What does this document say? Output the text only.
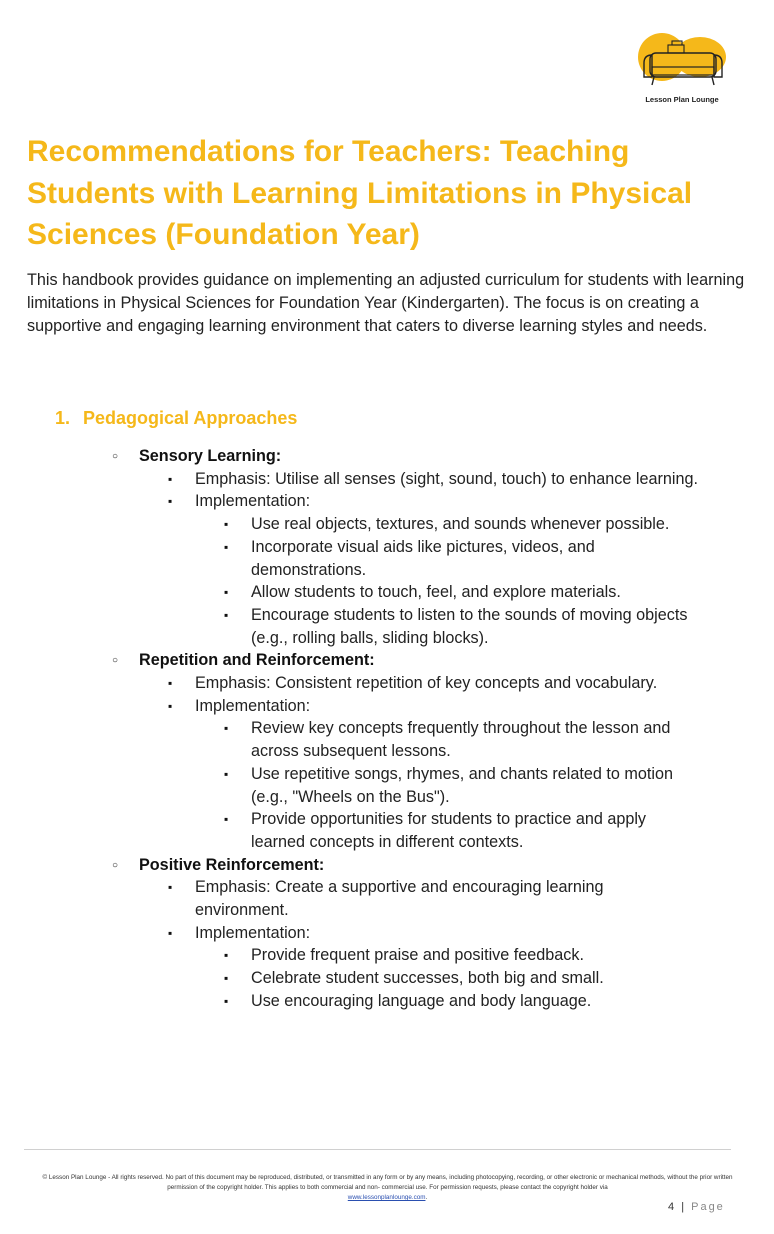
Lesson Plan Lounge
Recommendations for Teachers: Teaching Students with Learning Limitations in Physical Sciences (Foundation Year)

This handbook provides guidance on implementing an adjusted curriculum for students with learning limitations in Physical Sciences for Foundation Year (Kindergarten). The focus is on creating a supportive and engaging learning environment that caters to diverse learning styles and needs.

1. Pedagogical Approaches
○ Sensory Learning:
▪ Emphasis: Utilise all senses (sight, sound, touch) to enhance learning.
▪ Implementation:
▪ Use real objects, textures, and sounds whenever possible.
▪ Incorporate visual aids like pictures, videos, and
demonstrations.
▪ Allow students to touch, feel, and explore materials.
▪ Encourage students to listen to the sounds of moving objects
(e.g., rolling balls, sliding blocks).
○ Repetition and Reinforcement:
▪ Emphasis: Consistent repetition of key concepts and vocabulary.
▪ Implementation:
▪ Review key concepts frequently throughout the lesson and
across subsequent lessons.
▪ Use repetitive songs, rhymes, and chants related to motion
(e.g., "Wheels on the Bus").
▪ Provide opportunities for students to practice and apply
learned concepts in different contexts.
○ Positive Reinforcement:
▪ Emphasis: Create a supportive and encouraging learning
environment.
▪ Implementation:
▪ Provide frequent praise and positive feedback.
▪ Celebrate student successes, both big and small.
▪ Use encouraging language and body language.
© Lesson Plan Lounge - All rights reserved. No part of this document may be reproduced, distributed, or transmitted in any form or by any means, including photocopying, recording, or other electronic or mechanical methods, without the prior written permission of the copyright holder. This applies to both commercial and non- commercial use. For permission requests, please contact the copyright holder via
www.lessonplanlounge.com.
4 | Page
